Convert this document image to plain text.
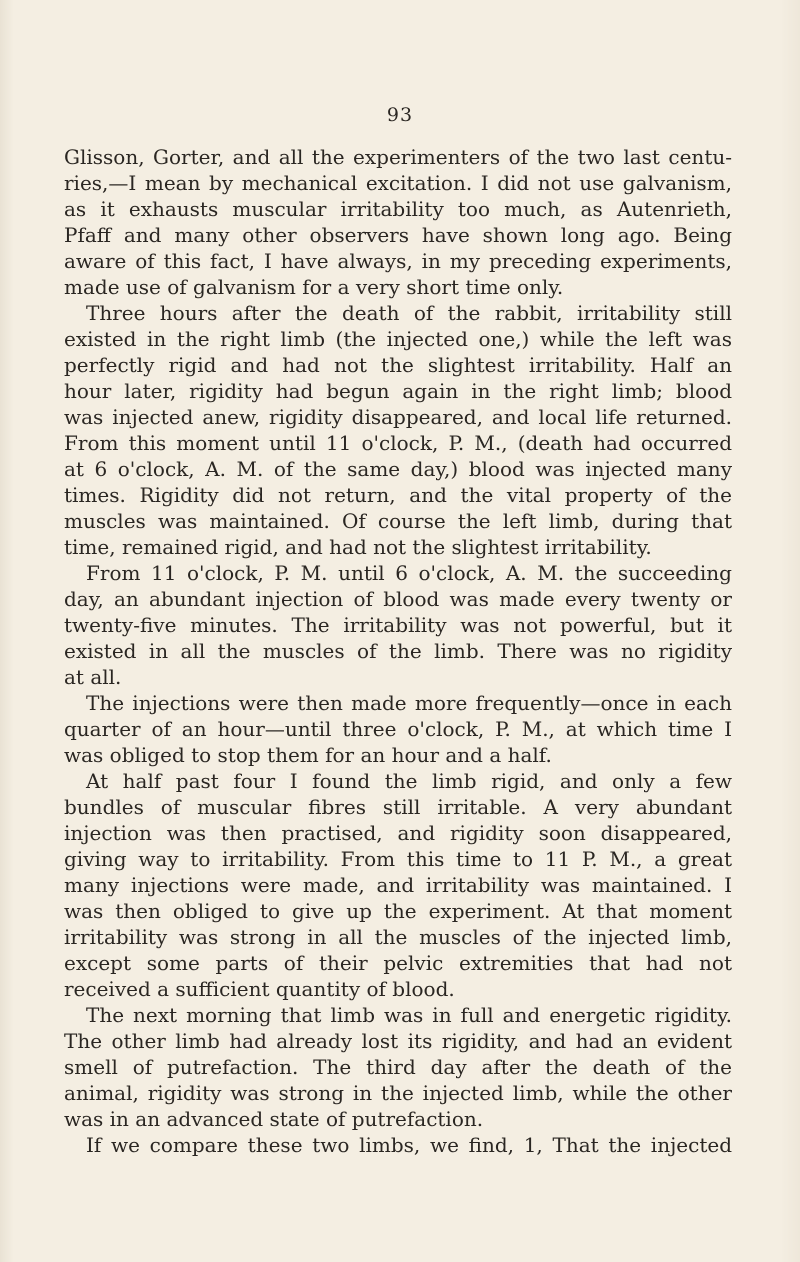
93
Glisson, Gorter, and all the experimenters of the two last centu-
ries,—I mean by mechanical excitation. I did not use galvanism,
as it exhausts muscular irritability too much, as Autenrieth,
Pfaff and many other observers have shown long ago. Being
aware of this fact, I have always, in my preceding experiments,
made use of galvanism for a very short time only.
Three hours after the death of the rabbit, irritability still
existed in the right limb (the injected one,) while the left was
perfectly rigid and had not the slightest irritability. Half an
hour later, rigidity had begun again in the right limb; blood
was injected anew, rigidity disappeared, and local life returned.
From this moment until 11 o'clock, P. M., (death had occurred
at 6 o'clock, A. M. of the same day,) blood was injected many
times. Rigidity did not return, and the vital property of the
muscles was maintained. Of course the left limb, during that
time, remained rigid, and had not the slightest irritability.
From 11 o'clock, P. M. until 6 o'clock, A. M. the succeeding
day, an abundant injection of blood was made every twenty or
twenty-five minutes. The irritability was not powerful, but it
existed in all the muscles of the limb. There was no rigidity
at all.
The injections were then made more frequently—once in each
quarter of an hour—until three o'clock, P. M., at which time I
was obliged to stop them for an hour and a half.
At half past four I found the limb rigid, and only a few
bundles of muscular fibres still irritable. A very abundant
injection was then practised, and rigidity soon disappeared,
giving way to irritability. From this time to 11 P. M., a great
many injections were made, and irritability was maintained. I
was then obliged to give up the experiment. At that moment
irritability was strong in all the muscles of the injected limb,
except some parts of their pelvic extremities that had not
received a sufficient quantity of blood.
The next morning that limb was in full and energetic rigidity.
The other limb had already lost its rigidity, and had an evident
smell of putrefaction. The third day after the death of the
animal, rigidity was strong in the injected limb, while the other
was in an advanced state of putrefaction.
If we compare these two limbs, we find, 1, That the injected
